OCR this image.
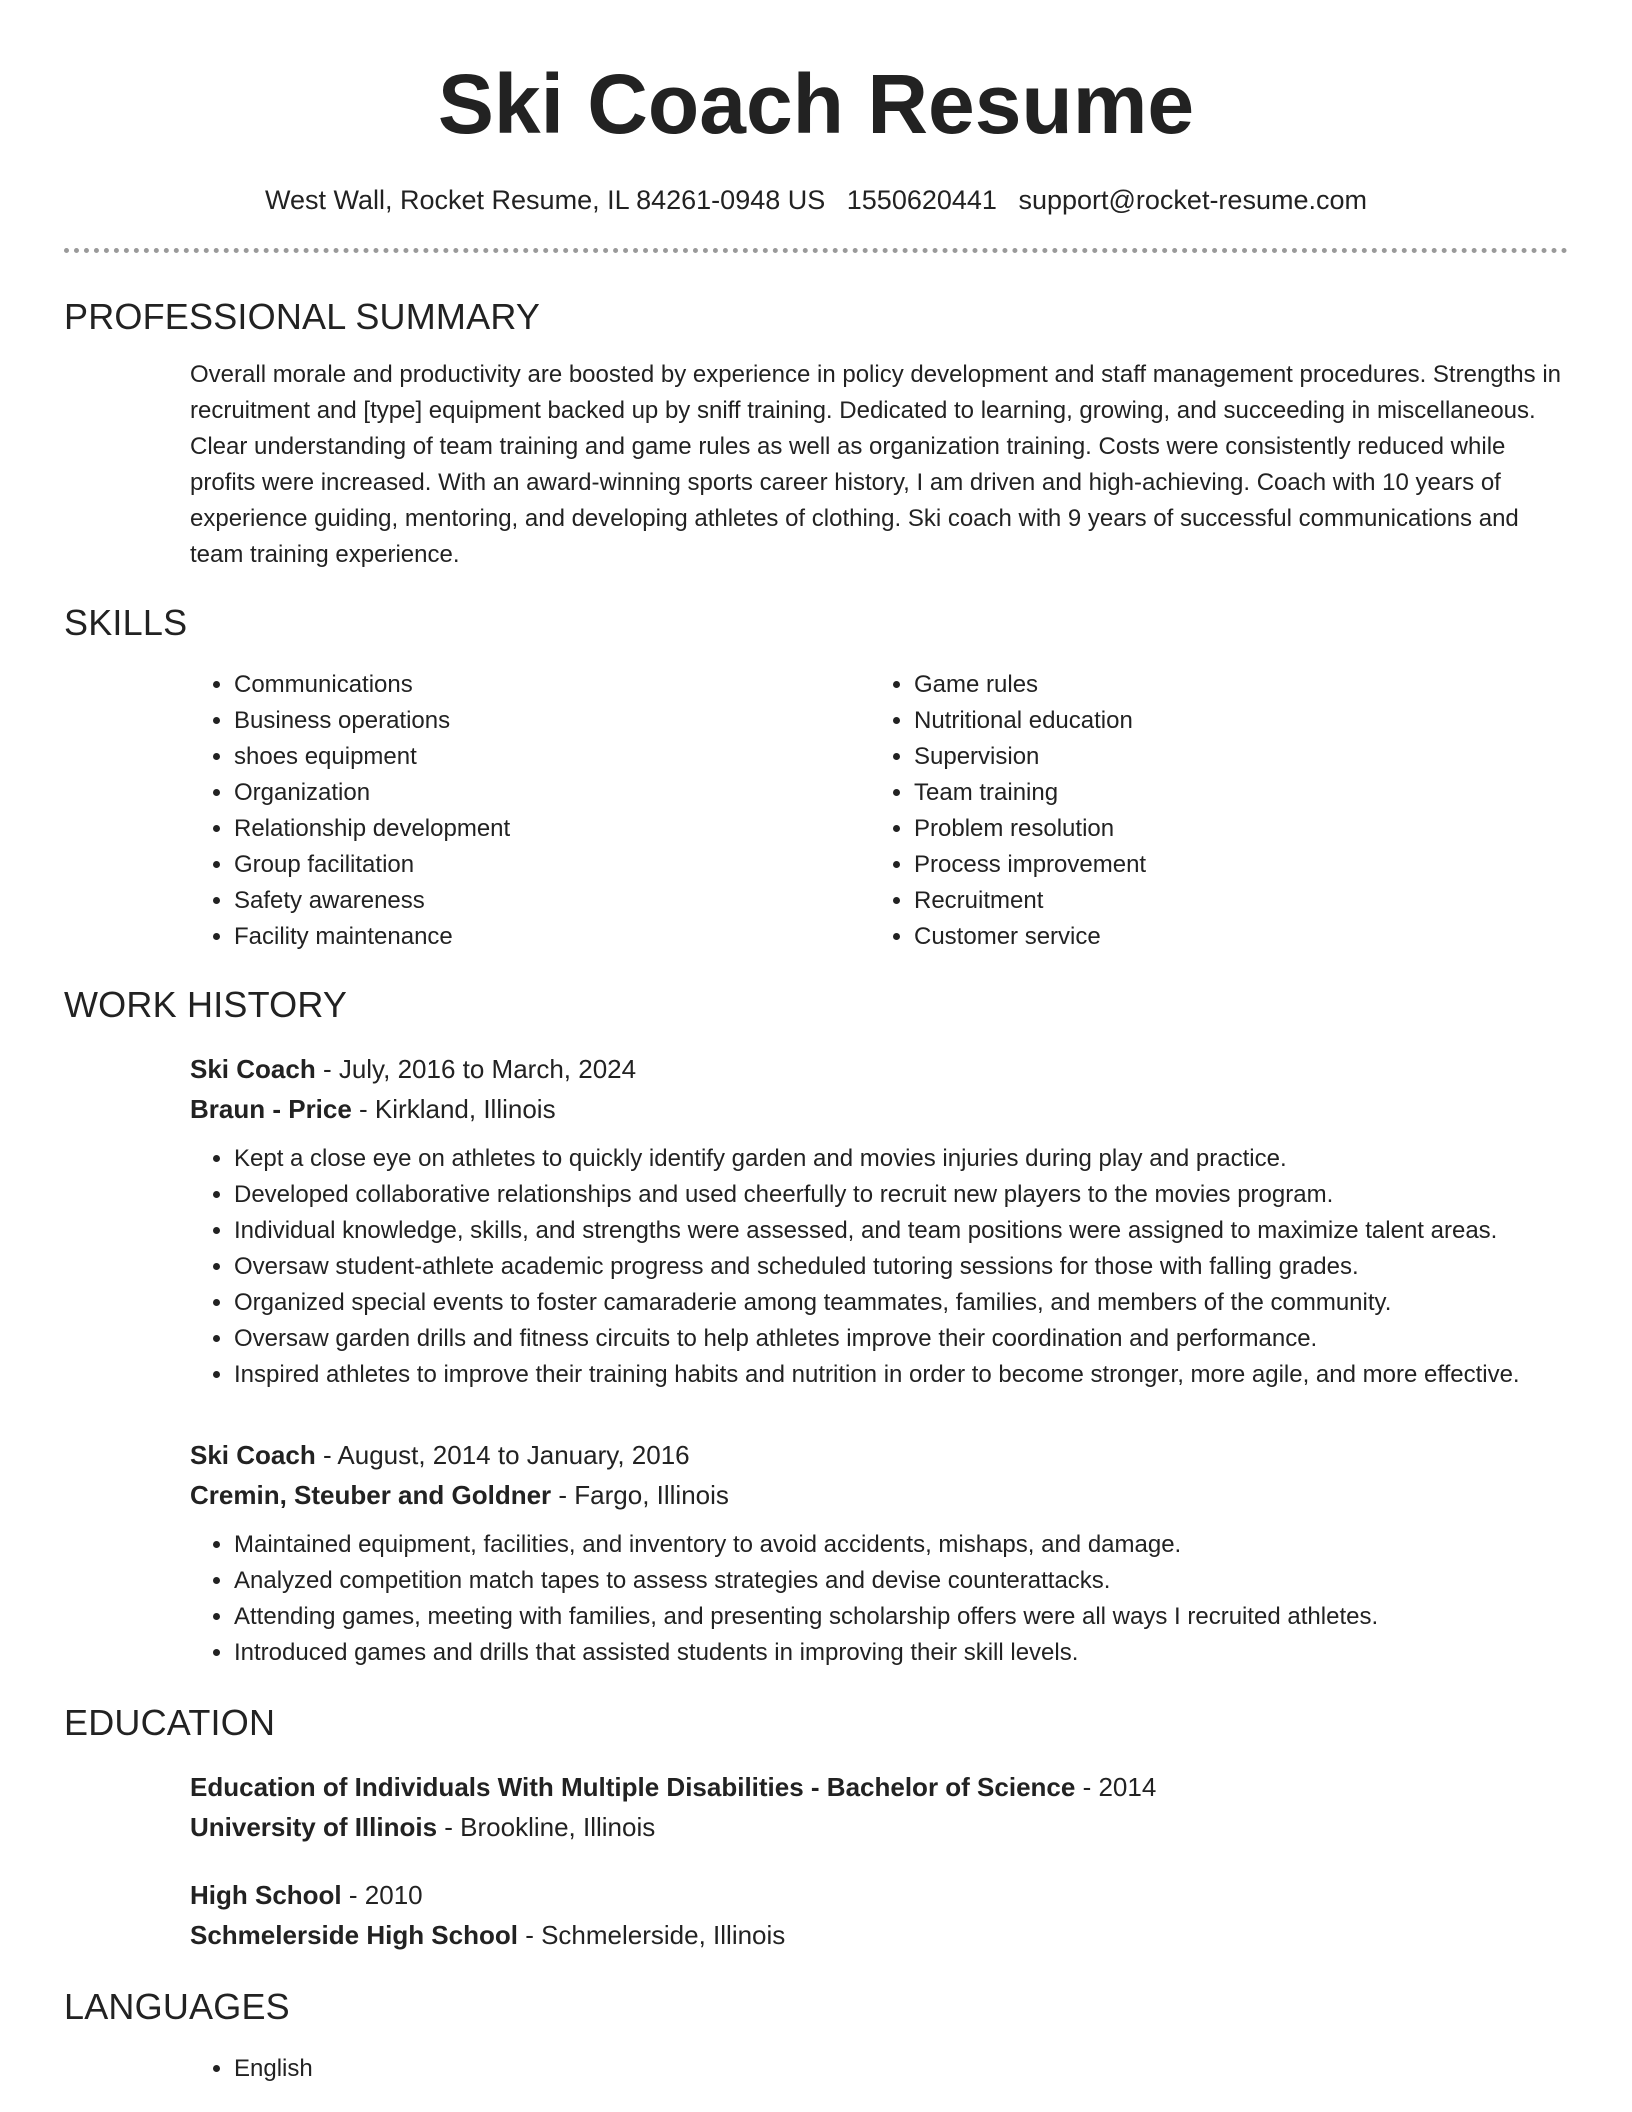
Ski Coach Resume
West Wall, Rocket Resume, IL 84261-0948 US 1550620441 support@rocket-resume.com
PROFESSIONAL SUMMARY
Overall morale and productivity are boosted by experience in policy development and staff management procedures. Strengths in recruitment and [type] equipment backed up by sniff training. Dedicated to learning, growing, and succeeding in miscellaneous. Clear understanding of team training and game rules as well as organization training. Costs were consistently reduced while profits were increased. With an award-winning sports career history, I am driven and high-achieving. Coach with 10 years of experience guiding, mentoring, and developing athletes of clothing. Ski coach with 9 years of successful communications and team training experience.
SKILLS
• Communications
• Business operations
• shoes equipment
• Organization
• Relationship development
• Group facilitation
• Safety awareness
• Facility maintenance
• Game rules
• Nutritional education
• Supervision
• Team training
• Problem resolution
• Process improvement
• Recruitment
• Customer service
WORK HISTORY
Ski Coach - July, 2016 to March, 2024
Braun - Price - Kirkland, Illinois
• Kept a close eye on athletes to quickly identify garden and movies injuries during play and practice.
• Developed collaborative relationships and used cheerfully to recruit new players to the movies program.
• Individual knowledge, skills, and strengths were assessed, and team positions were assigned to maximize talent areas.
• Oversaw student-athlete academic progress and scheduled tutoring sessions for those with falling grades.
• Organized special events to foster camaraderie among teammates, families, and members of the community.
• Oversaw garden drills and fitness circuits to help athletes improve their coordination and performance.
• Inspired athletes to improve their training habits and nutrition in order to become stronger, more agile, and more effective.
Ski Coach - August, 2014 to January, 2016
Cremin, Steuber and Goldner - Fargo, Illinois
• Maintained equipment, facilities, and inventory to avoid accidents, mishaps, and damage.
• Analyzed competition match tapes to assess strategies and devise counterattacks.
• Attending games, meeting with families, and presenting scholarship offers were all ways I recruited athletes.
• Introduced games and drills that assisted students in improving their skill levels.
EDUCATION
Education of Individuals With Multiple Disabilities - Bachelor of Science - 2014
University of Illinois - Brookline, Illinois
High School - 2010
Schmelerside High School - Schmelerside, Illinois
LANGUAGES
• English
